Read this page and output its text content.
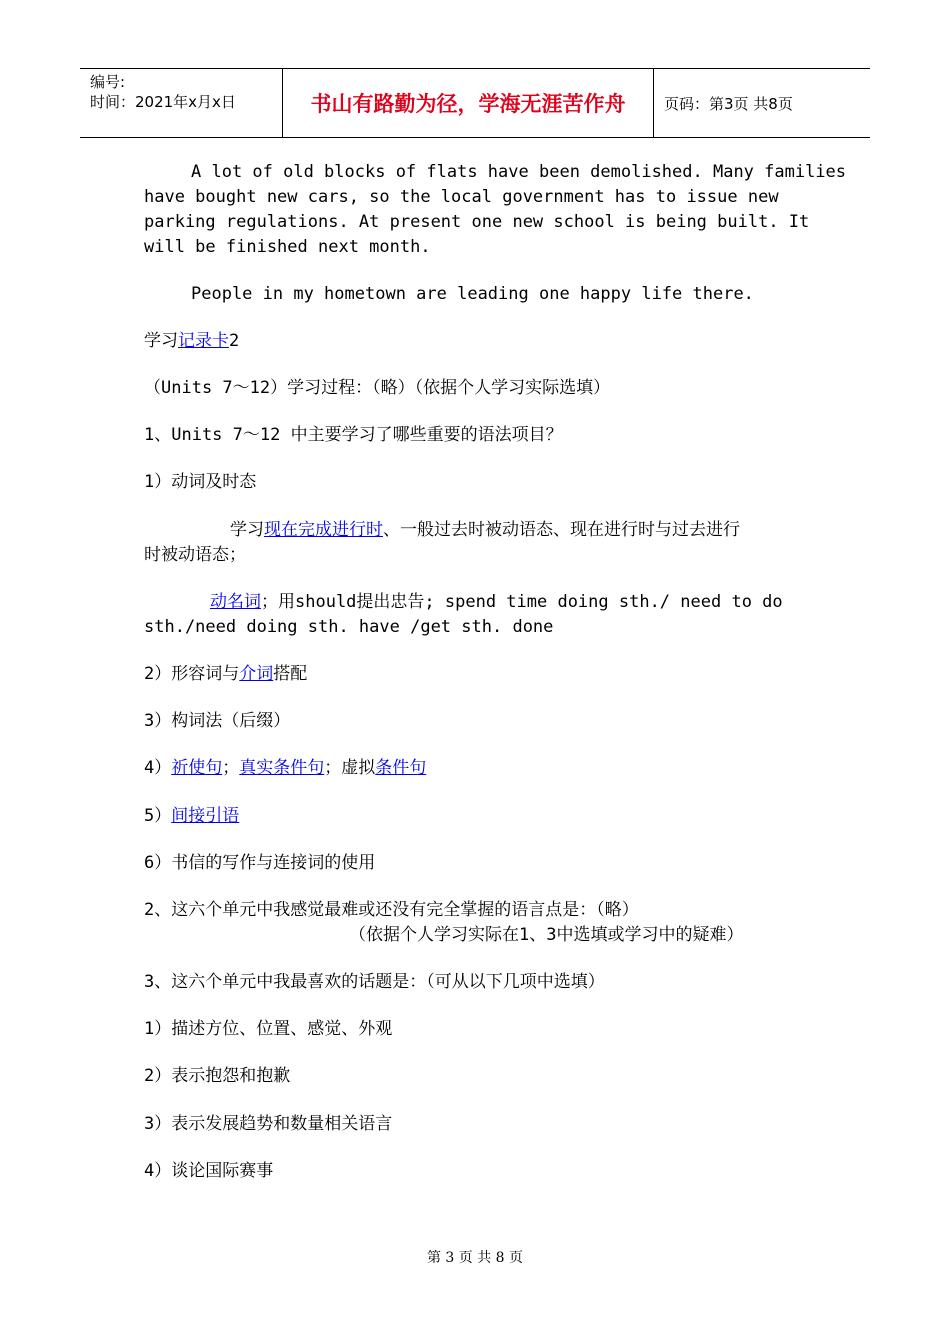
编号:
时间：2021年x月x日	书山有路勤为径，学海无涯苦作舟	页码：第3页 共8页
A lot of old blocks of flats have been demolished. Many families
have bought new cars, so the local government has to issue new
parking regulations. At present one new school is being built. It
will be finished next month.
People in my hometown are leading one happy life there.
学习记录卡2
（Units 7～12）学习过程：（略）（依据个人学习实际选填）
1、Units 7～12 中主要学习了哪些重要的语法项目？
1）动词及时态
学习现在完成进行时、一般过去时被动语态、现在进行时与过去进行
时被动语态；
动名词；用should提出忠告; spend time doing sth./ need to do
sth./need doing sth. have /get sth. done
2）形容词与介词搭配
3）构词法（后缀）
4）祈使句；真实条件句；虚拟条件句
5）间接引语
6）书信的写作与连接词的使用
2、这六个单元中我感觉最难或还没有完全掌握的语言点是：（略）
（依据个人学习实际在1、3中选填或学习中的疑难）
3、这六个单元中我最喜欢的话题是：（可从以下几项中选填）
1）描述方位、位置、感觉、外观
2）表示抱怨和抱歉
3）表示发展趋势和数量相关语言
4）谈论国际赛事
第 3 页 共 8 页
